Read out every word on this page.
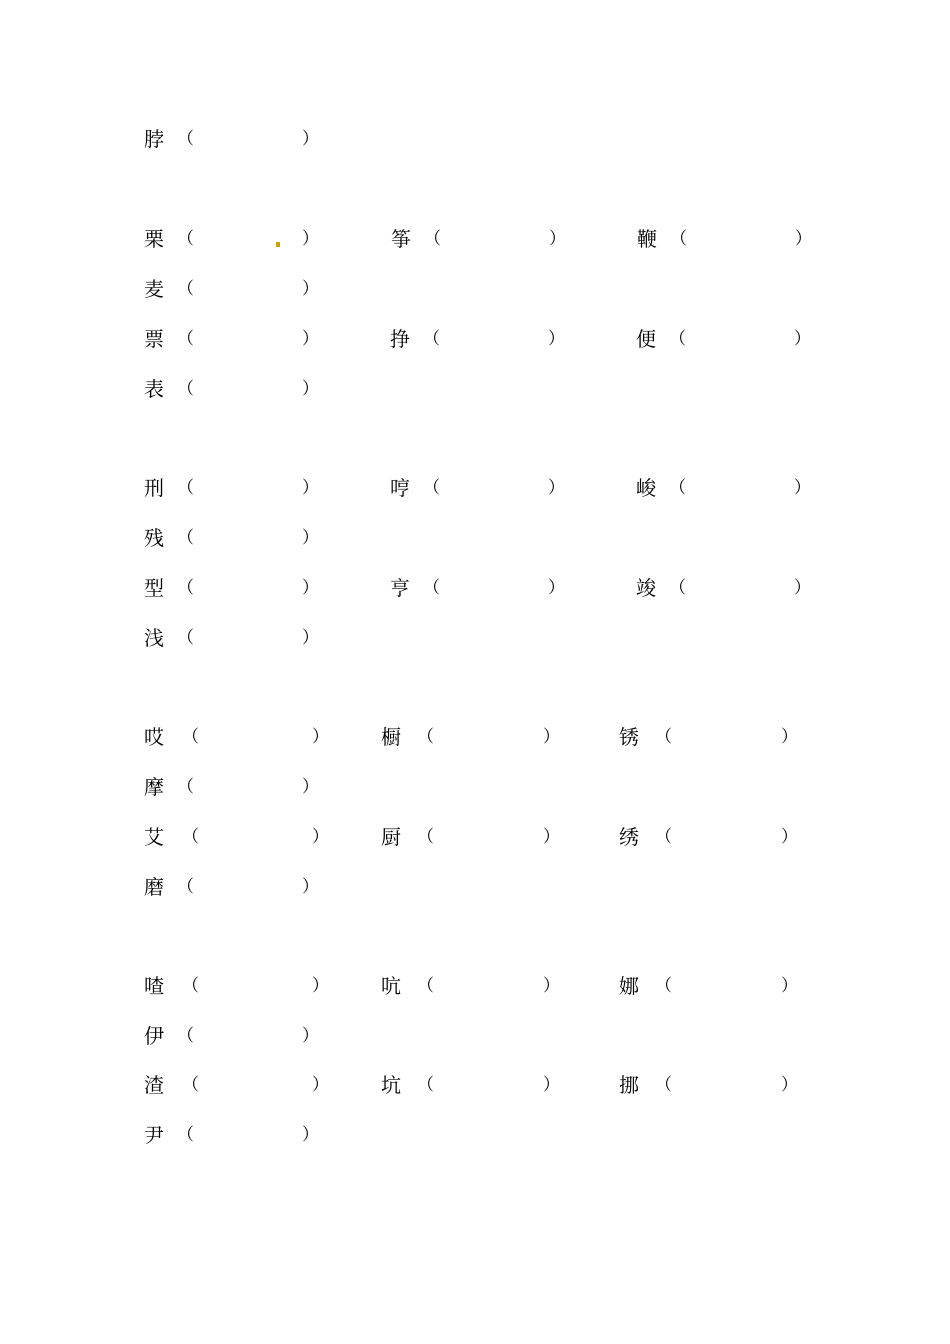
脖 （	）
栗 （	）	筝 （	）	鞭 （	）
麦 （	）
票 （	）	挣 （	）	便 （	）
表 （	）
刑 （	）	哼 （	）	峻 （	）
残 （	）
型 （	）	亨 （	）	竣 （	）
浅 （	）
哎 （	）	橱 （	）	锈 （	）
摩 （	）
艾 （	）	厨 （	）	绣 （	）
磨 （	）
喳 （	）	吭 （	）	娜 （	）
伊 （	）
渣 （	）	坑 （	）	挪 （	）
尹 （	）
